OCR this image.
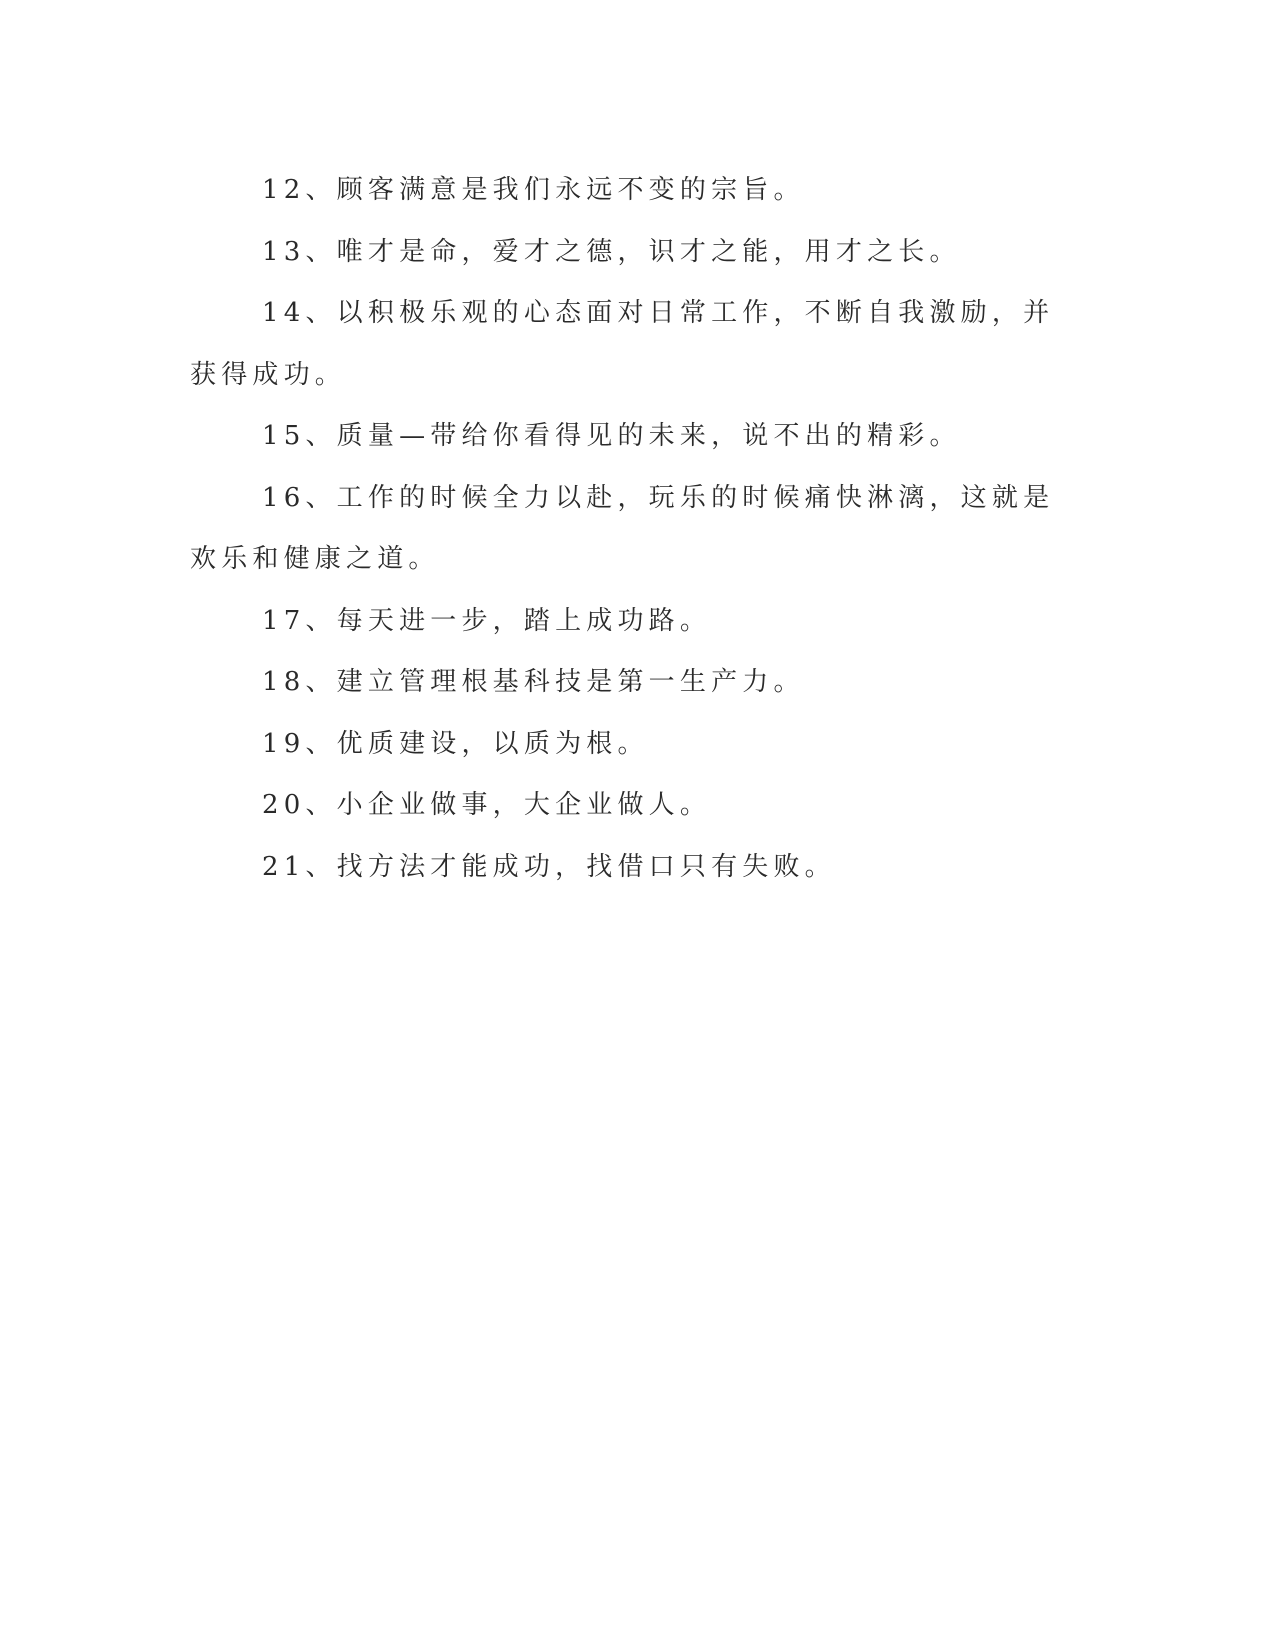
12、顾客满意是我们永远不变的宗旨。

13、唯才是命，爱才之德，识才之能，用才之长。

14、以积极乐观的心态面对日常工作，不断自我激励，并获得成功。

15、质量—带给你看得见的未来，说不出的精彩。

16、工作的时候全力以赴，玩乐的时候痛快淋漓，这就是欢乐和健康之道。

17、每天进一步，踏上成功路。

18、建立管理根基科技是第一生产力。

19、优质建设，以质为根。

20、小企业做事，大企业做人。

21、找方法才能成功，找借口只有失败。
